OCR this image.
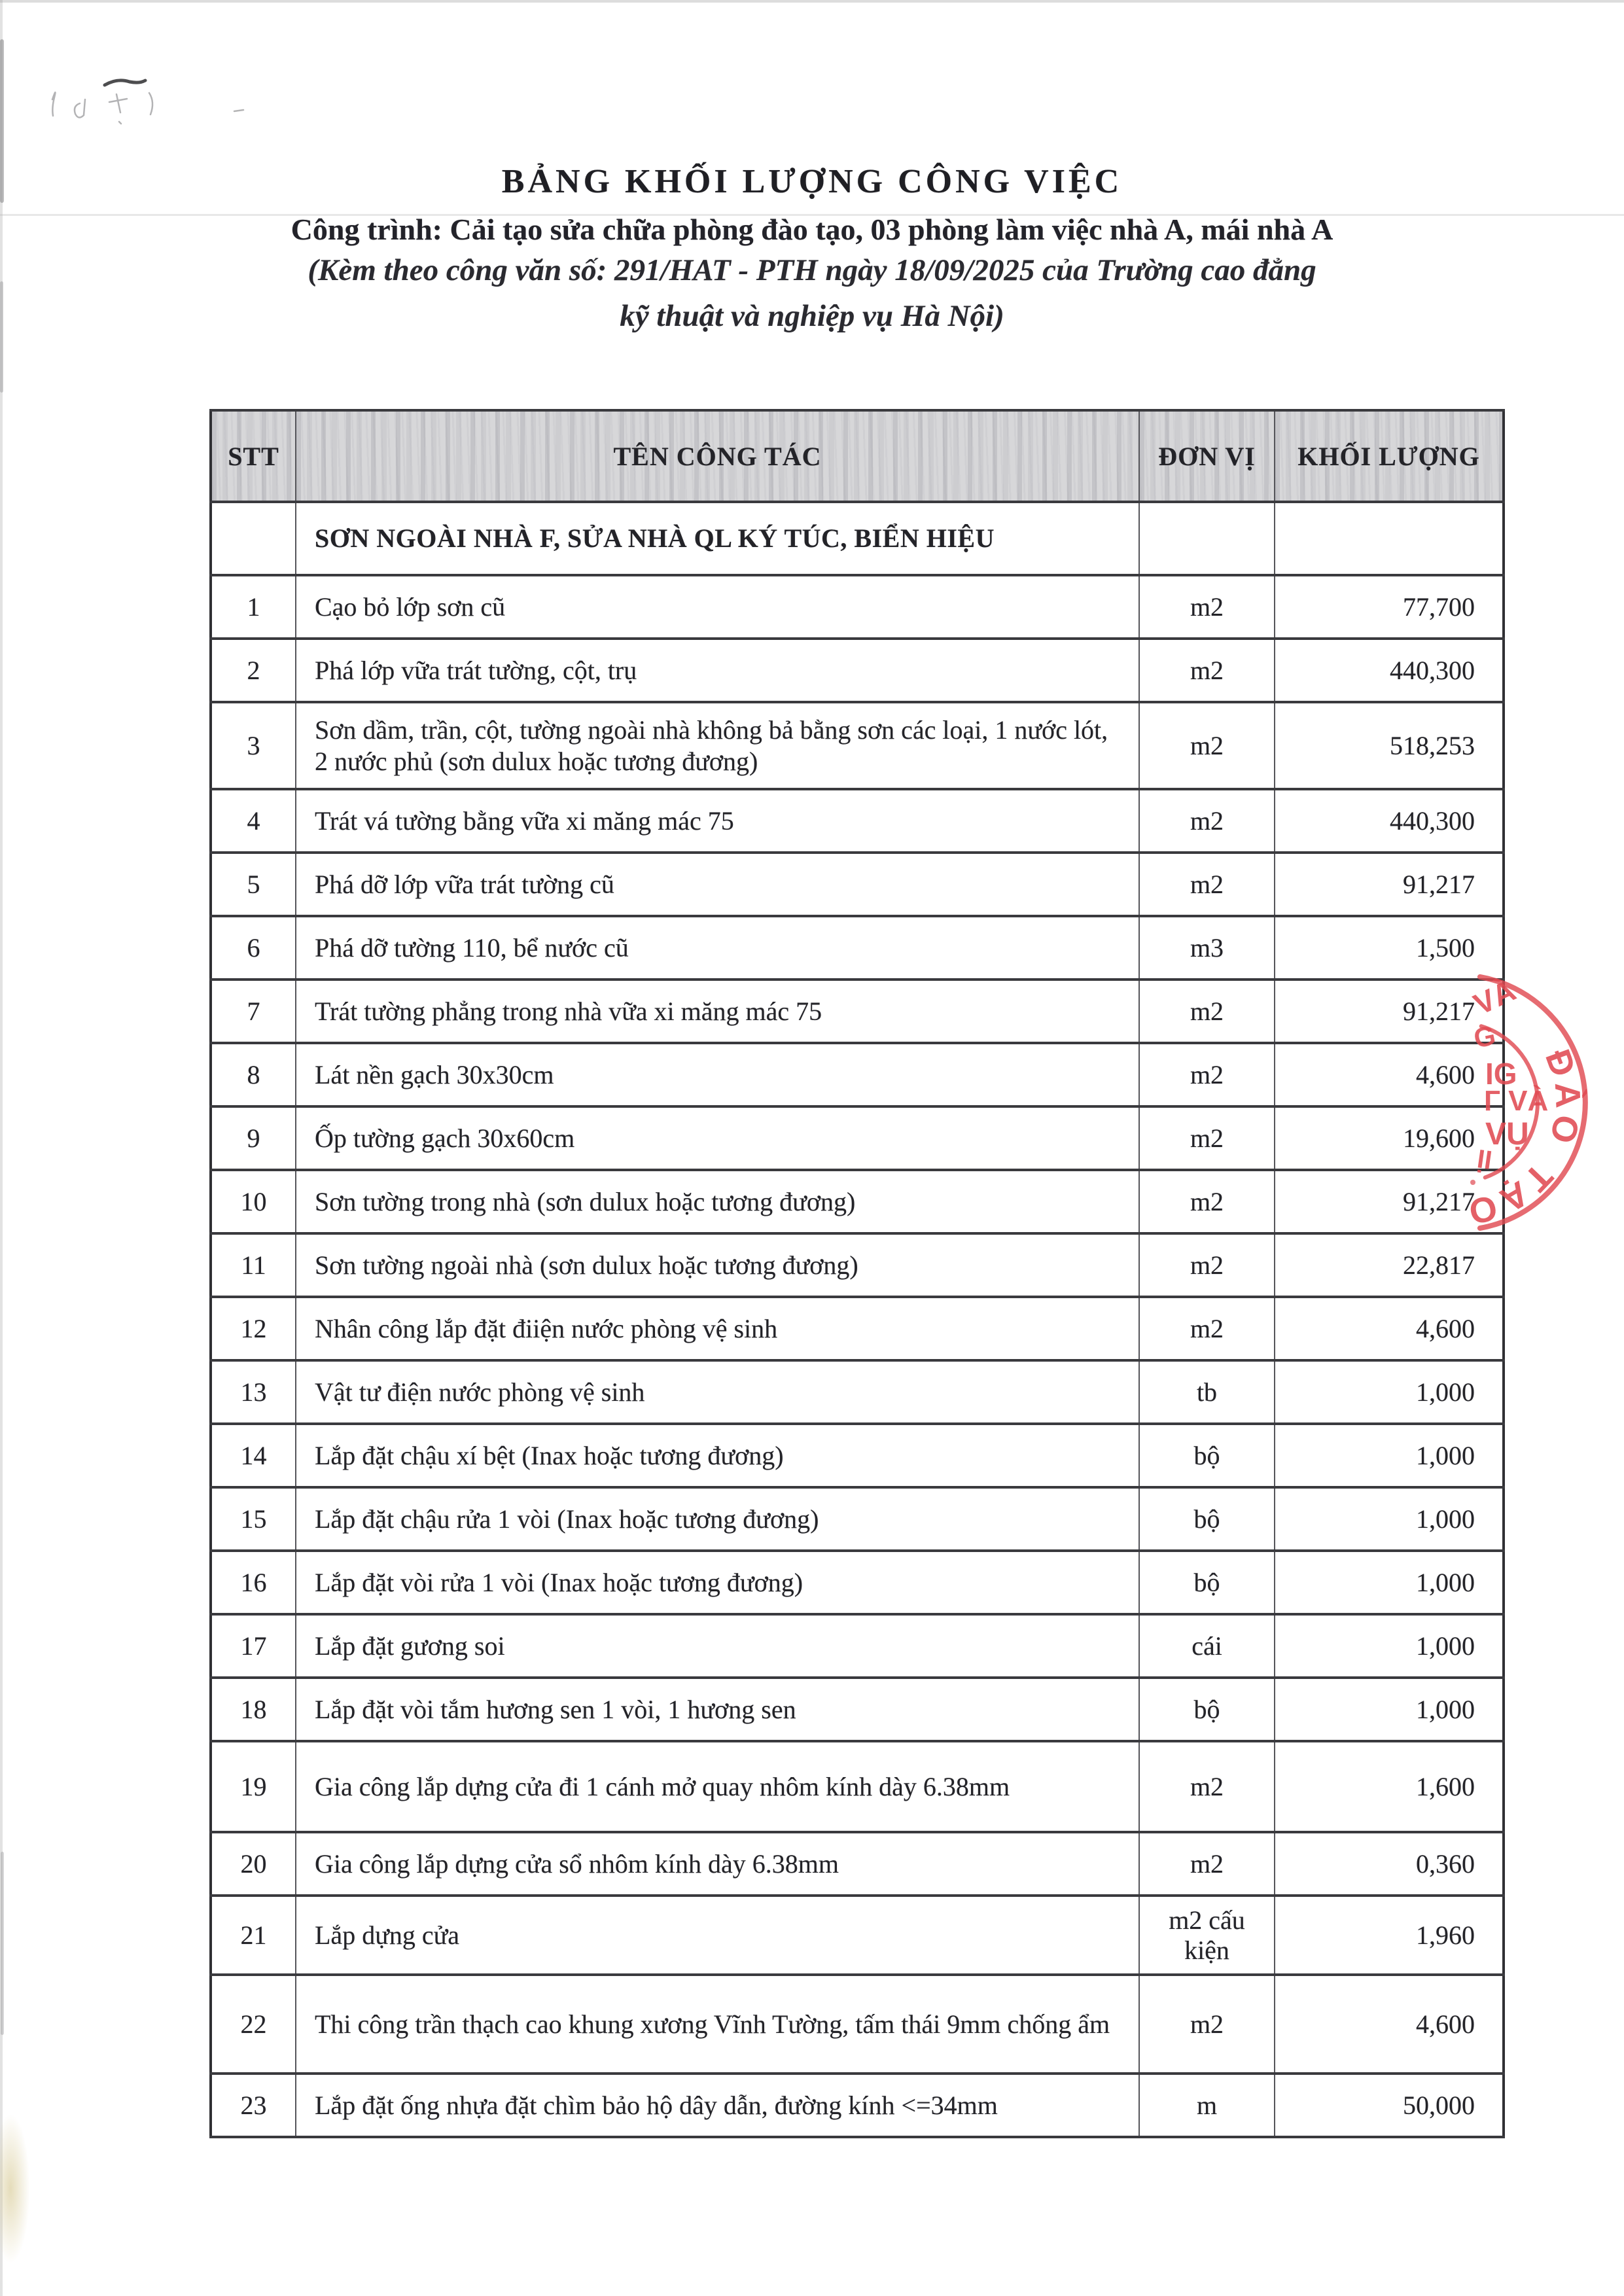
BẢNG KHỐI LƯỢNG CÔNG VIỆC
Công trình: Cải tạo sửa chữa phòng đào tạo, 03 phòng làm việc nhà A, mái nhà A
(Kèm theo công văn số: 291/HAT - PTH ngày 18/09/2025 của Trường cao đẳng
kỹ thuật và nghiệp vụ Hà Nội)
STT	TÊN CÔNG TÁC	ĐƠN VỊ	KHỐI LƯỢNG
	SƠN NGOÀI NHÀ F, SỬA NHÀ QL KÝ TÚC, BIỂN HIỆU		
1	Cạo bỏ lớp sơn cũ	m2	77,700
2	Phá lớp vữa trát tường, cột, trụ	m2	440,300
3	Sơn dầm, trần, cột, tường ngoài nhà không bả bằng sơn các loại, 1 nước lót, 2 nước phủ (sơn dulux hoặc tương đương)	m2	518,253
4	Trát vá tường bằng vữa xi măng mác 75	m2	440,300
5	Phá dỡ lớp vữa trát tường cũ	m2	91,217
6	Phá dỡ tường 110, bể nước cũ	m3	1,500
7	Trát tường phẳng trong nhà vữa xi măng mác 75	m2	91,217
8	Lát nền gạch 30x30cm	m2	4,600
9	Ốp tường gạch 30x60cm	m2	19,600
10	Sơn tường trong nhà (sơn dulux hoặc tương đương)	m2	91,217
11	Sơn tường ngoài nhà (sơn dulux hoặc tương đương)	m2	22,817
12	Nhân công lắp đặt điiện nước phòng vệ sinh	m2	4,600
13	Vật tư điện nước phòng vệ sinh	tb	1,000
14	Lắp đặt chậu xí bệt (Inax hoặc tương đương)	bộ	1,000
15	Lắp đặt chậu rửa 1 vòi (Inax hoặc tương đương)	bộ	1,000
16	Lắp đặt vòi rửa 1 vòi (Inax hoặc tương đương)	bộ	1,000
17	Lắp đặt gương soi	cái	1,000
18	Lắp đặt vòi tắm hương sen 1 vòi, 1 hương sen	bộ	1,000
19	Gia công lắp dựng cửa đi 1 cánh mở quay nhôm kính dày 6.38mm	m2	1,600
20	Gia công lắp dựng cửa sổ nhôm kính dày 6.38mm	m2	0,360
21	Lắp dựng cửa	m2 cấu kiện	1,960
22	Thi công trần thạch cao khung xương Vĩnh Tường, tấm thái 9mm chống ẩm	m2	4,600
23	Lắp đặt ống nhựa đặt chìm bảo hộ dây dẫn, đường kính <=34mm	m	50,000
ĐÀO
TẠO
VÀ
G
IG
Г VÀ
VỤ
ỊI
